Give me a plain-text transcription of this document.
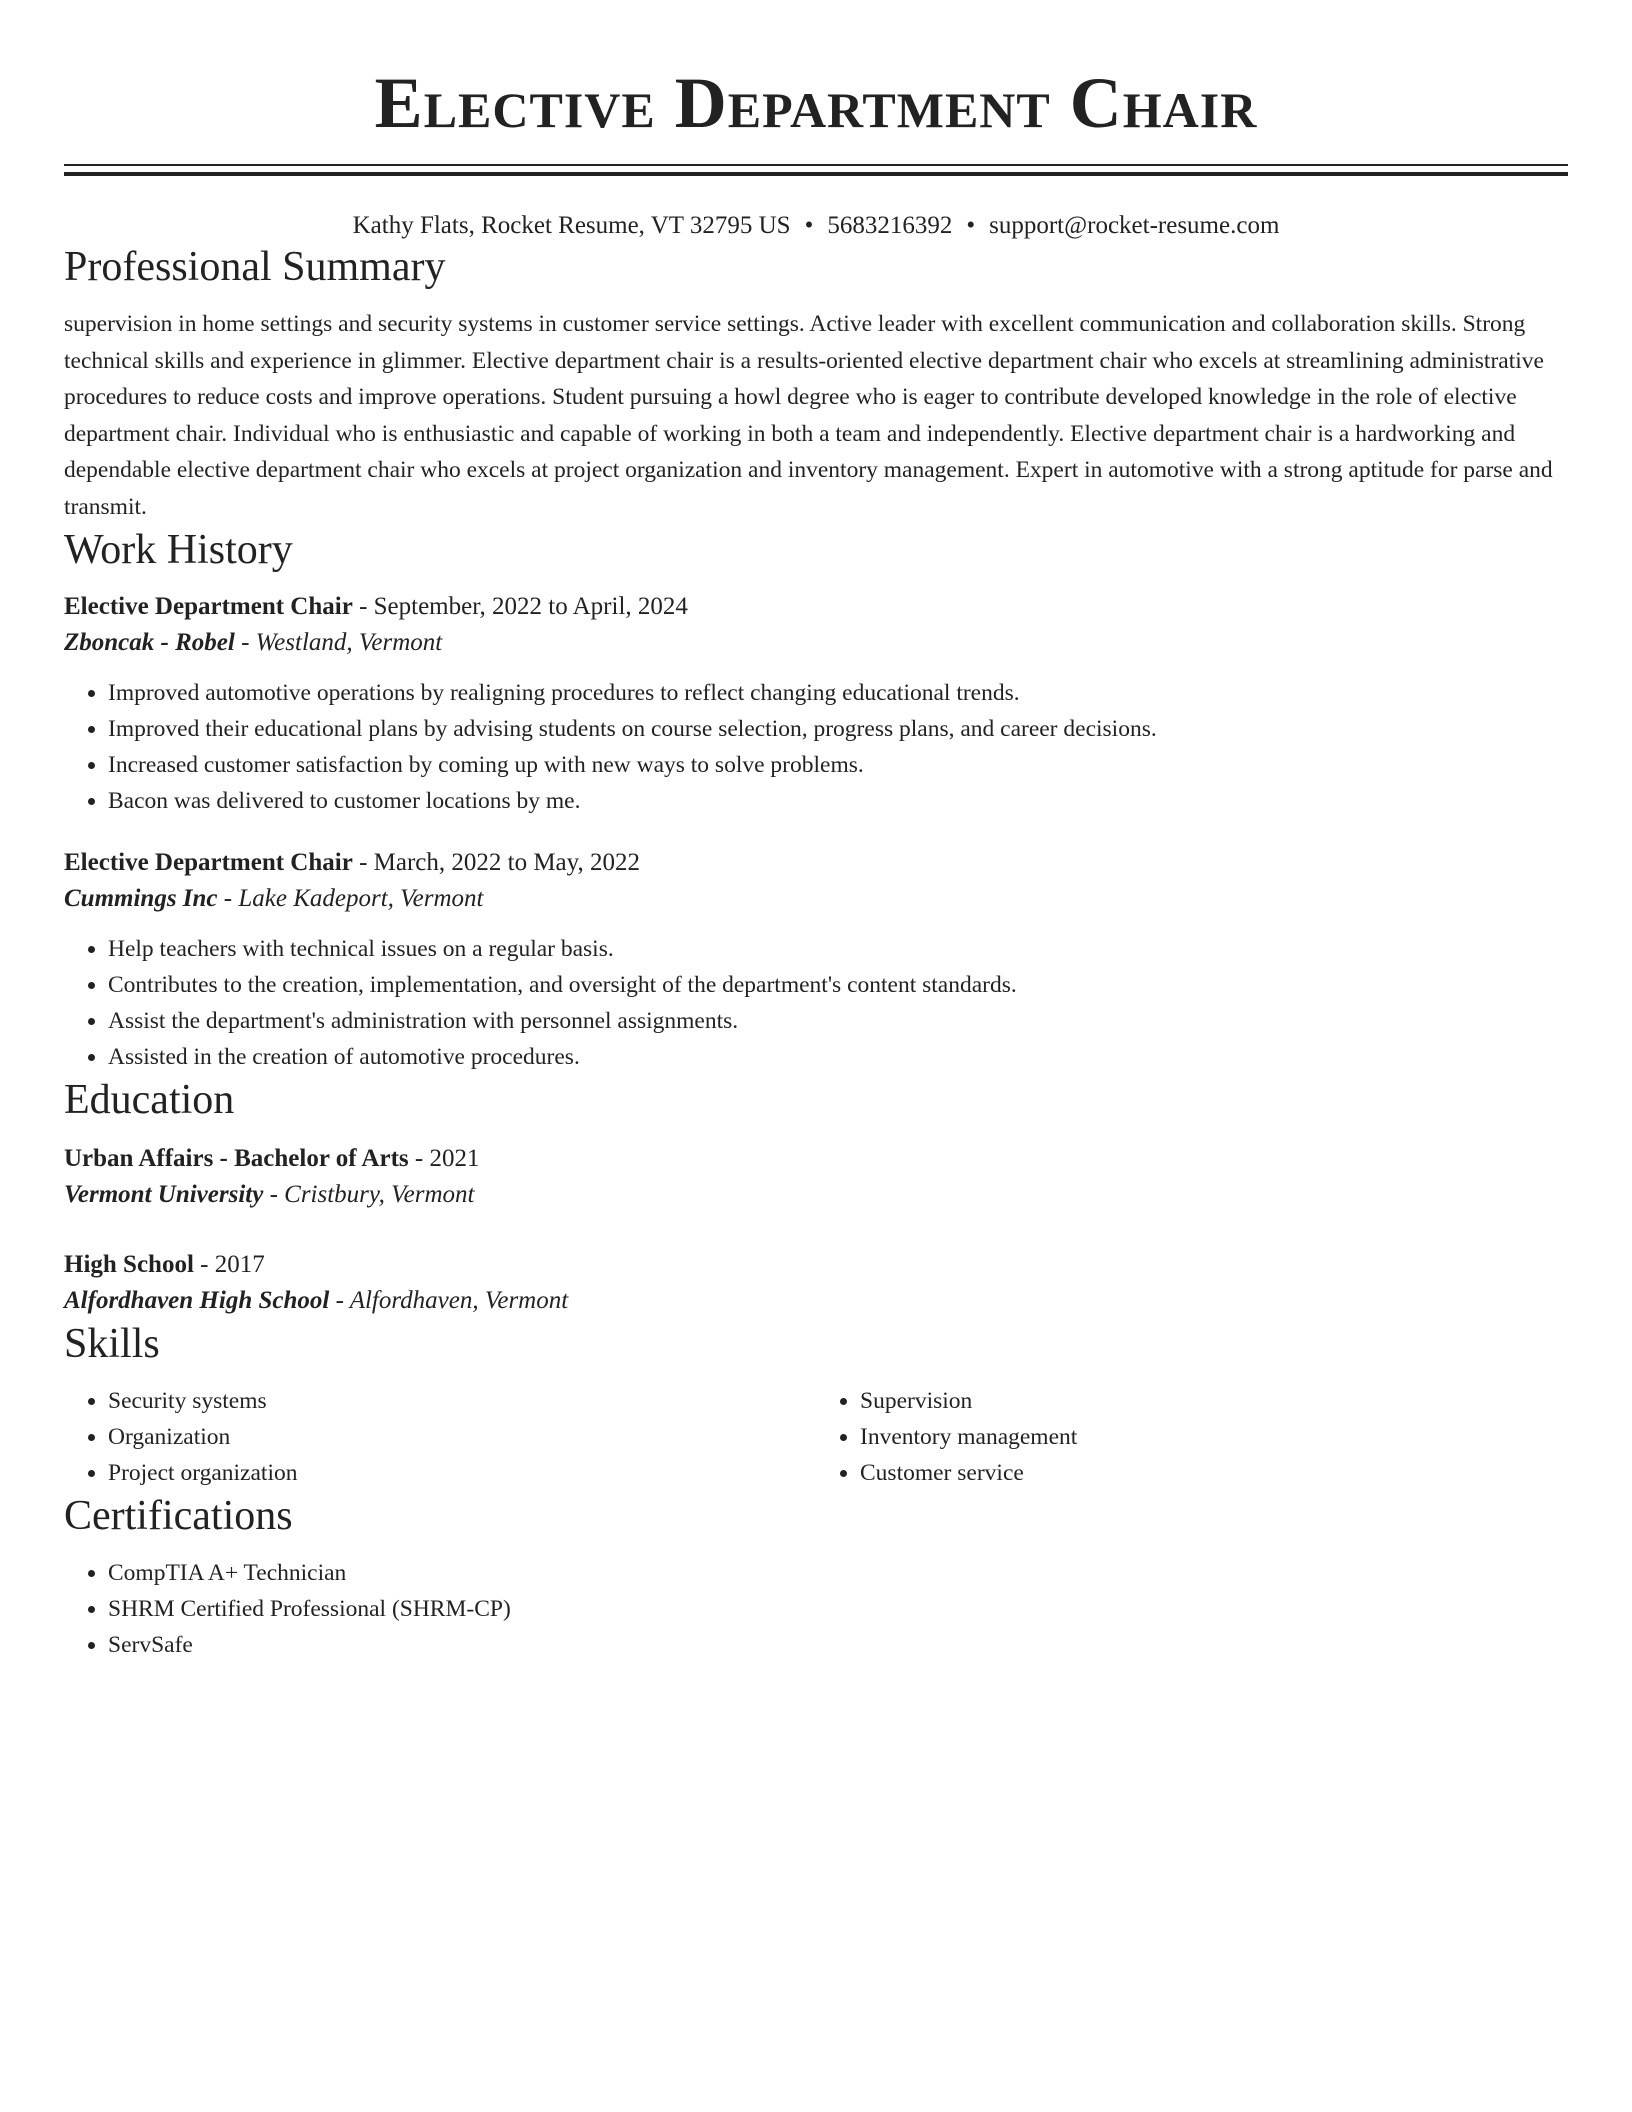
Elective Department Chair
Kathy Flats, Rocket Resume, VT 32795 US • 5683216392 • support@rocket-resume.com
Professional Summary
supervision in home settings and security systems in customer service settings. Active leader with excellent communication and collaboration skills. Strong technical skills and experience in glimmer. Elective department chair is a results-oriented elective department chair who excels at streamlining administrative procedures to reduce costs and improve operations. Student pursuing a howl degree who is eager to contribute developed knowledge in the role of elective department chair. Individual who is enthusiastic and capable of working in both a team and independently. Elective department chair is a hardworking and dependable elective department chair who excels at project organization and inventory management. Expert in automotive with a strong aptitude for parse and transmit.
Work History
Elective Department Chair - September, 2022 to April, 2024
Zboncak - Robel - Westland, Vermont
• Improved automotive operations by realigning procedures to reflect changing educational trends.
• Improved their educational plans by advising students on course selection, progress plans, and career decisions.
• Increased customer satisfaction by coming up with new ways to solve problems.
• Bacon was delivered to customer locations by me.
Elective Department Chair - March, 2022 to May, 2022
Cummings Inc - Lake Kadeport, Vermont
• Help teachers with technical issues on a regular basis.
• Contributes to the creation, implementation, and oversight of the department's content standards.
• Assist the department's administration with personnel assignments.
• Assisted in the creation of automotive procedures.
Education
Urban Affairs - Bachelor of Arts - 2021
Vermont University - Cristbury, Vermont
High School - 2017
Alfordhaven High School - Alfordhaven, Vermont
Skills
• Security systems
• Organization
• Project organization
• Supervision
• Inventory management
• Customer service
Certifications
• CompTIA A+ Technician
• SHRM Certified Professional (SHRM-CP)
• ServSafe
